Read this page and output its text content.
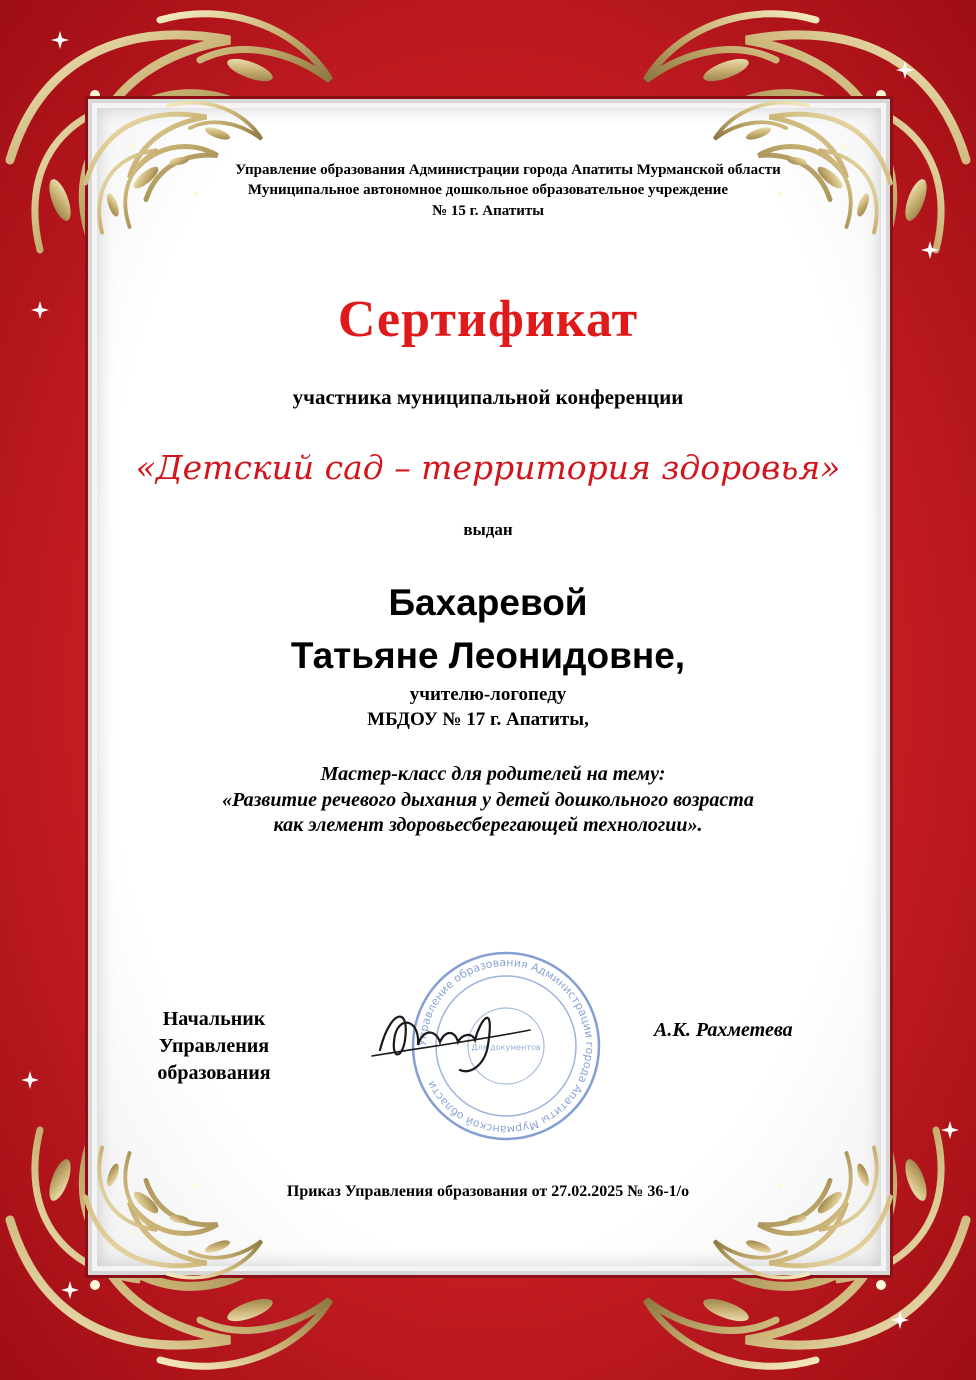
Управление образования Администрации города Апатиты Мурманской области
Муниципальное автономное дошкольное образовательное учреждение
№ 15 г. Апатиты
Сертификат
участника муниципальной конференции
«Детский сад – территория здоровья»
выдан
Бахаревой
Татьяне Леонидовне,
учителю-логопеду
МБДОУ № 17 г. Апатиты,
Мастер-класс для родителей на тему:
«Развитие речевого дыхания у детей дошкольного возраста
как элемент здоровьесберегающей технологии».
Управление образования Администрации города Апатиты Мурманской области
Для документов
Начальник
Управления
образования
А.К. Рахметева
Приказ Управления образования от 27.02.2025 № 36-1/о
